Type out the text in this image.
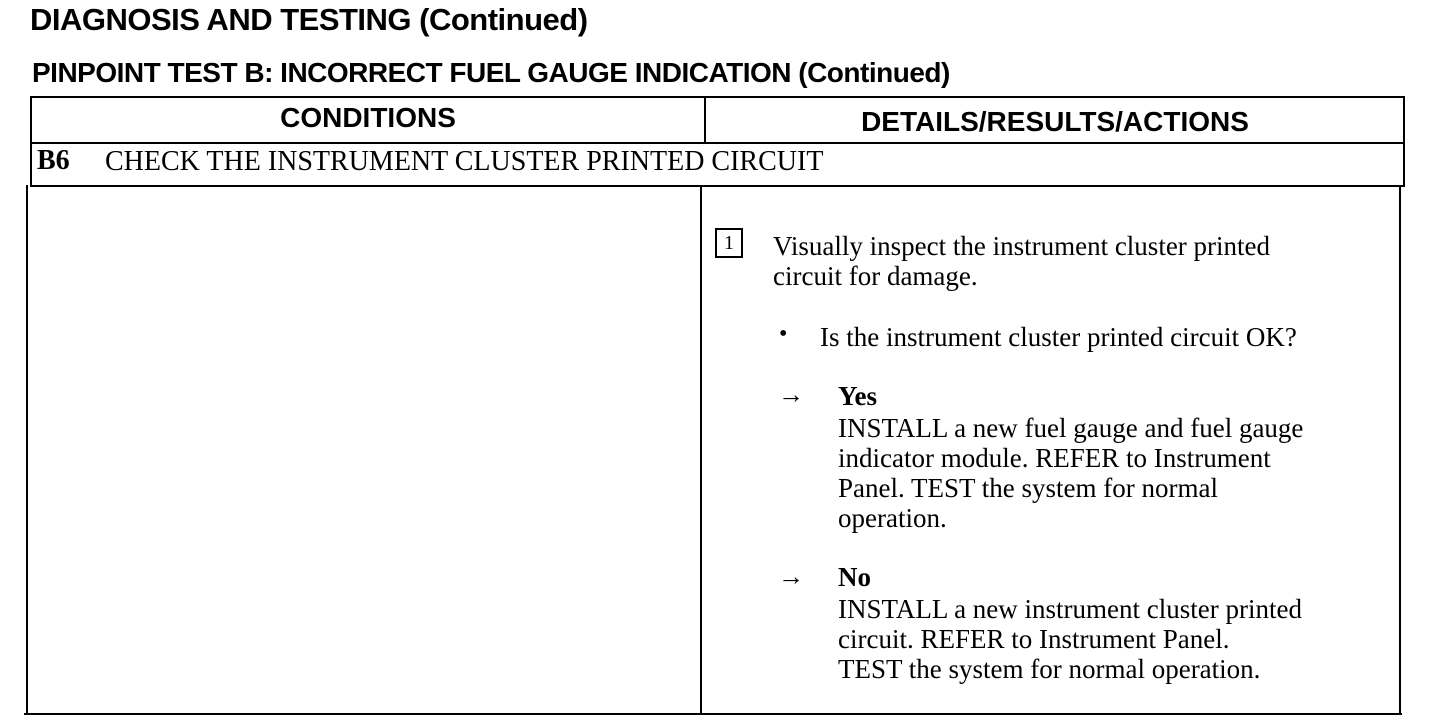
DIAGNOSIS AND TESTING (Continued)
PINPOINT TEST B: INCORRECT FUEL GAUGE INDICATION (Continued)
CONDITIONS	DETAILS/RESULTS/ACTIONS
B6 CHECK THE INSTRUMENT CLUSTER PRINTED CIRCUIT
1	Visually inspect the instrument cluster printed
circuit for damage.
• Is the instrument cluster printed circuit OK?
→ Yes
INSTALL a new fuel gauge and fuel gauge
indicator module. REFER to Instrument
Panel. TEST the system for normal
operation.
→ No
INSTALL a new instrument cluster printed
circuit. REFER to Instrument Panel.
TEST the system for normal operation.
